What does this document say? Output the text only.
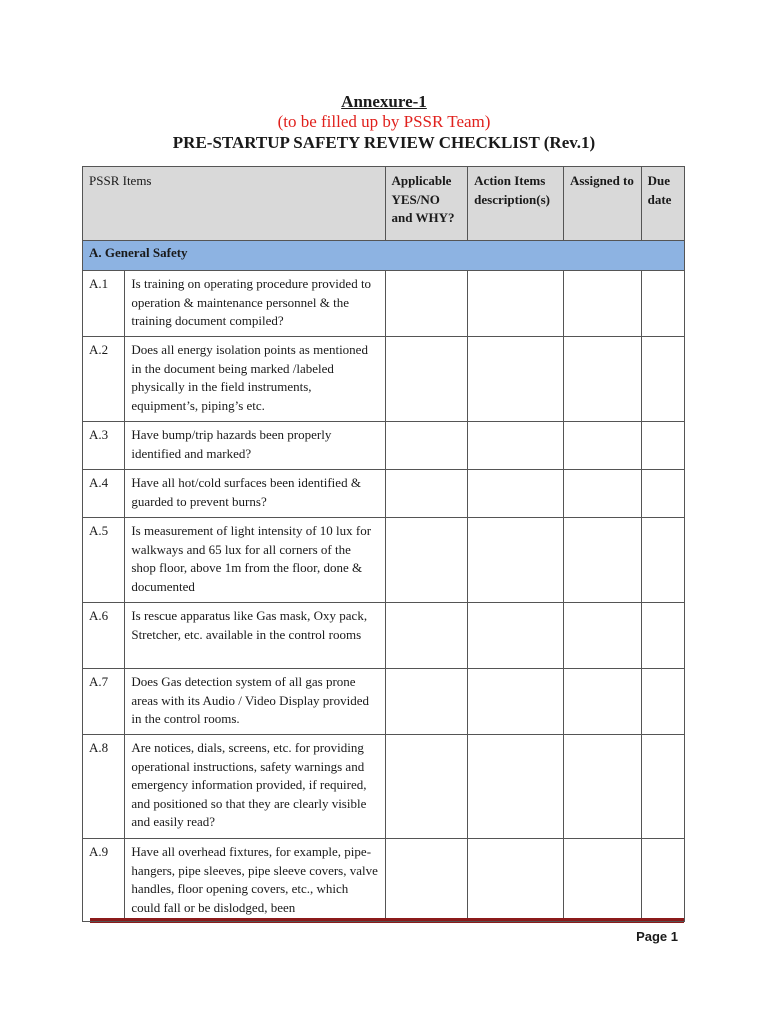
Annexure-1
(to be filled up by PSSR Team)
PRE-STARTUP SAFETY REVIEW CHECKLIST (Rev.1)
PSSR Items		Applicable YES/NO and WHY?	Action Items description(s)	Assigned to	Due date
A. General Safety					
A.1	Is training on operating procedure provided to operation & maintenance personnel & the training document compiled?				
A.2	Does all energy isolation points as mentioned in the document being marked /labeled physically in the field instruments, equipment’s, piping’s etc.				
A.3	Have bump/trip hazards been properly identified and marked?				
A.4	Have all hot/cold surfaces been identified & guarded to prevent burns?				
A.5	Is measurement of light intensity of 10 lux for walkways and 65 lux for all corners of the shop floor, above 1m from the floor, done & documented				
A.6	Is rescue apparatus like Gas mask, Oxy pack, Stretcher, etc. available in the control rooms				
A.7	Does Gas detection system of all gas prone areas with its Audio / Video Display provided in the control rooms.				
A.8	Are notices, dials, screens, etc. for providing operational instructions, safety warnings and emergency information provided, if required, and positioned so that they are clearly visible and easily read?				
A.9	Have all overhead fixtures, for example, pipe-hangers, pipe sleeves, pipe sleeve covers, valve handles, floor opening covers, etc., which could fall or be dislodged, been				
Page 1
